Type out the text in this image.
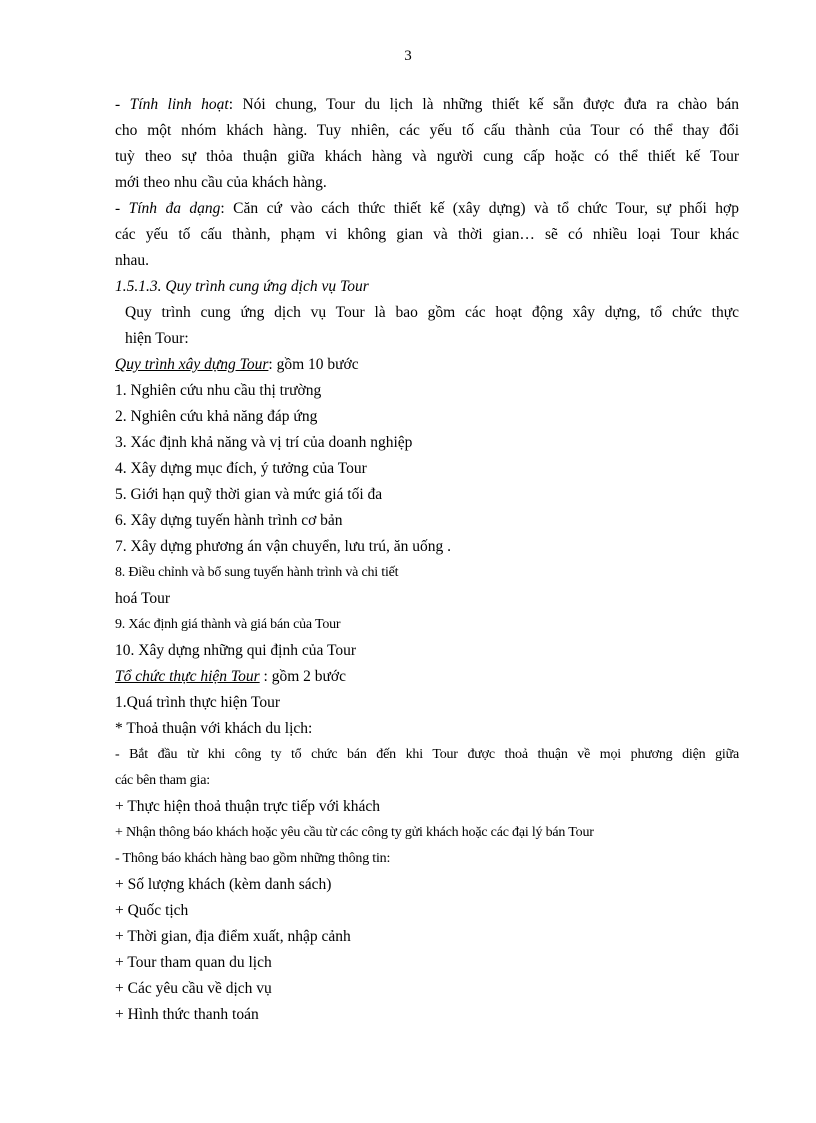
3

- Tính linh hoạt: Nói chung, Tour du lịch là những thiết kế sẵn được đưa ra chào bán

cho một nhóm khách hàng. Tuy nhiên, các yếu tố cấu thành của Tour có thể thay đổi

tuỳ theo sự thỏa thuận giữa khách hàng và người cung cấp hoặc có thể thiết kế Tour

mới theo nhu cầu của khách hàng.

- Tính đa dạng: Căn cứ vào cách thức thiết kế (xây dựng) và tổ chức Tour, sự phối hợp

các yếu tố cấu thành, phạm vi không gian và thời gian… sẽ có nhiều loại Tour khác

nhau.

1.5.1.3. Quy trình cung ứng dịch vụ Tour

Quy trình cung ứng dịch vụ Tour là bao gồm các hoạt động xây dựng, tổ chức thực

hiện Tour:

Quy trình xây dựng Tour: gồm 10 bước

1. Nghiên cứu nhu cầu thị trường

2. Nghiên cứu khả năng đáp ứng

3. Xác định khả năng và vị trí của doanh nghiệp

4. Xây dựng mục đích, ý tưởng của Tour

5. Giới hạn quỹ thời gian và mức giá tối đa

6. Xây dựng tuyến hành trình cơ bản

7. Xây dựng phương án vận chuyển, lưu trú, ăn uống .

8. Điều chỉnh và bổ sung tuyến hành trình và chi tiết

hoá Tour

9. Xác định giá thành và giá bán của Tour

10. Xây dựng những qui định của Tour

Tổ chức thực hiện Tour : gồm 2 bước

1.Quá trình thực hiện Tour

* Thoả thuận với khách du lịch:

- Bắt đầu từ khi công ty tổ chức bán đến khi Tour được thoả thuận về mọi phương diện giữa

các bên tham gia:

+ Thực hiện thoả thuận trực tiếp với khách

+ Nhận thông báo khách hoặc yêu cầu từ các công ty gửi khách hoặc các đại lý bán Tour

- Thông báo khách hàng bao gồm những thông tin:

+ Số lượng khách (kèm danh sách)

+ Quốc tịch

+ Thời gian, địa điểm xuất, nhập cảnh

+ Tour tham quan du lịch

+ Các yêu cầu về dịch vụ

+ Hình thức thanh toán
